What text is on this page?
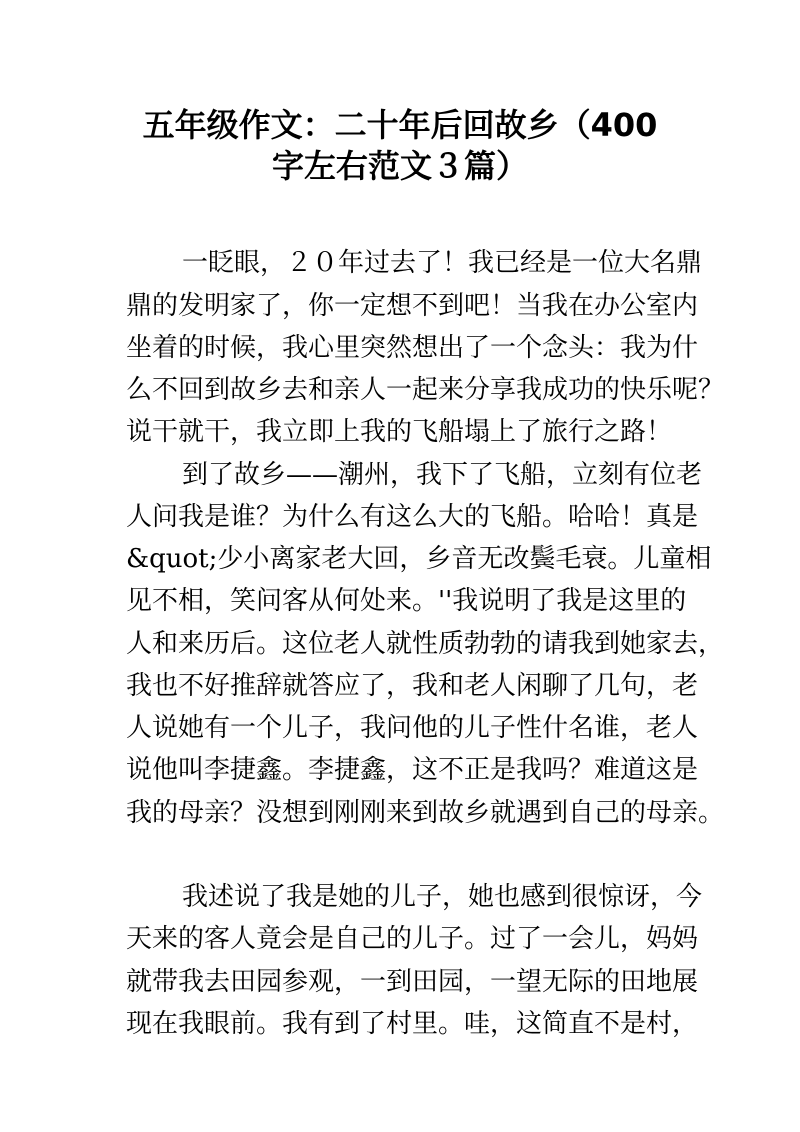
五年级作文：二十年后回故乡（400
字左右范文３篇）
一眨眼，２０年过去了！我已经是一位大名鼎
鼎的发明家了，你一定想不到吧！当我在办公室内
坐着的时候，我心里突然想出了一个念头：我为什
么不回到故乡去和亲人一起来分享我成功的快乐呢？
说干就干，我立即上我的飞船塌上了旅行之路！
到了故乡——潮州，我下了飞船，立刻有位老
人问我是谁？为什么有这么大的飞船。哈哈！真是
&quot;少小离家老大回，乡音无改鬓毛衰。儿童相
见不相，笑问客从何处来。''我说明了我是这里的
人和来历后。这位老人就性质勃勃的请我到她家去，
我也不好推辞就答应了，我和老人闲聊了几句，老
人说她有一个儿子，我问他的儿子性什名谁，老人
说他叫李捷鑫。李捷鑫，这不正是我吗？难道这是
我的母亲？没想到刚刚来到故乡就遇到自己的母亲。
我述说了我是她的儿子，她也感到很惊讶，今
天来的客人竟会是自己的儿子。过了一会儿，妈妈
就带我去田园参观，一到田园，一望无际的田地展
现在我眼前。我有到了村里。哇，这简直不是村，
